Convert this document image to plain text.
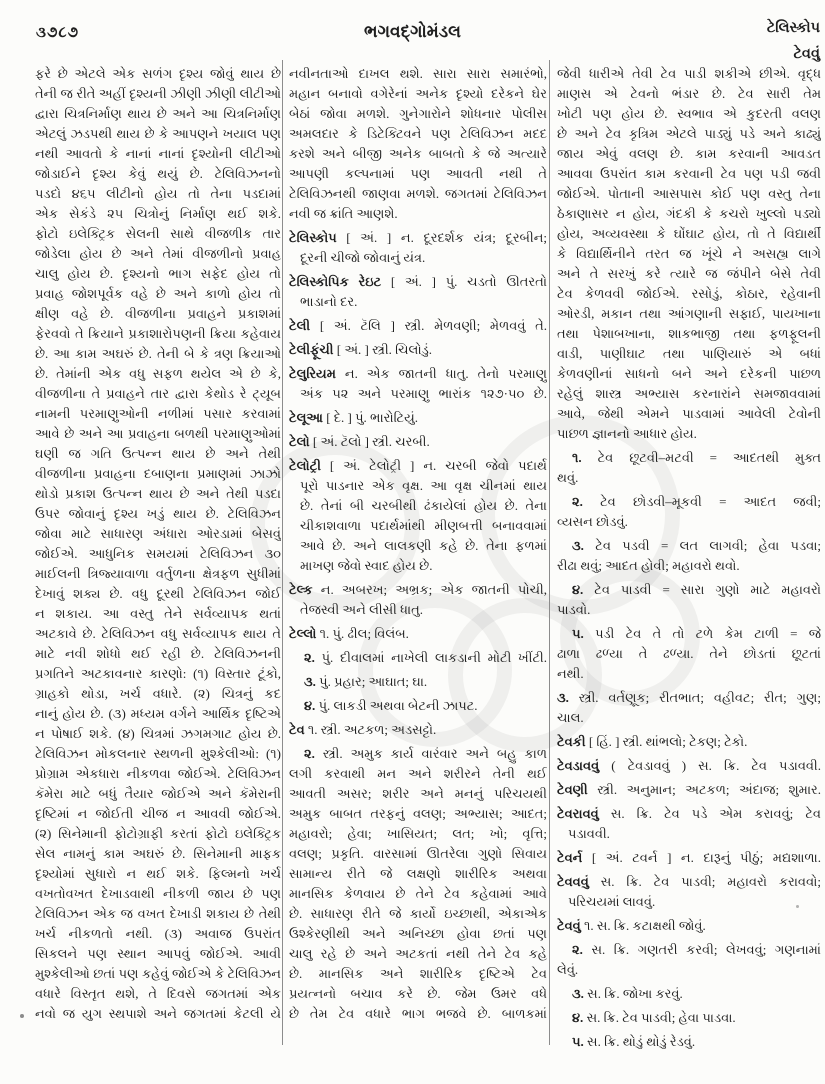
૩૭૮૭	ભગવદ્ગોમંડલ	ટેલિસ્કોપ
ટેવવું
ફરે છે એટલે એક સળંગ દૃશ્ય જોવું થાય છે
તેની જ રીતે અહીં દૃશ્યની ઝીણી ઝીણી લીટીઓ
દ્વારા ચિત્રનિર્માણ થાય છે અને આ ચિત્રનિર્માણ
એટલું ઝડપથી થાય છે કે આપણને ખયાલ પણ
નથી આવતો કે નાનાં નાનાં દૃશ્યોની લીટીઓ
જોડાઈને દૃશ્ય કેવું થયું છે. ટેલિવિઝનનો
પડદો ૪૬૫ લીટીનો હોય તો તેના પડદામાં
એક સેકંડે ૨૫ ચિત્રોનું નિર્માણ થઈ શકે.
ફોટો ઇલેક્ટ્રિક સેલની સાથે વીજળીક તાર
જોડેલા હોય છે અને તેમાં વીજળીનો પ્રવાહ
ચાલુ હોય છે. દૃશ્યનો ભાગ સફેદ હોય તો
પ્રવાહ જોશપૂર્વક વહે છે અને કાળો હોય તો
ક્ષીણ વહે છે. વીજળીના પ્રવાહને પ્રકાશમાં
ફેરવવો તે ક્રિયાને પ્રકાશારોપણની ક્રિયા કહેવાય
છે. આ કામ અઘરું છે. તેની બે કે ત્રણ ક્રિયાઓ
છે. તેમાંની એક વધુ સફળ થયેલ એ છે કે,
વીજળીના તે પ્રવાહને તાર દ્વારા કેથોડ રે ટ્યૂબ
નામની પરમાણુઓની નળીમાં પસાર કરવામાં
આવે છે અને આ પ્રવાહના બળથી પરમાણુઓમાં
ઘણી જ ગતિ ઉત્પન્ન થાય છે અને તેથી
વીજળીના પ્રવાહના દબાણના પ્રમાણમાં ઝાઝો
થોડો પ્રકાશ ઉત્પન્ન થાય છે અને તેથી પડદા
ઉપર જોવાનું દૃશ્ય ખડું થાય છે. ટેલિવિઝન
જોવા માટે સાધારણ અંધારા ઓરડામાં બેસવું
જોઈએ. આધુનિક સમયમાં ટેલિવિઝન ૩૦
માઈલની ત્રિજ્યાવાળા વર્તુળના ક્ષેત્રફળ સુધીમાં
દેખાવું શક્ય છે. વધુ દૂરથી ટેલિવિઝન જોઈ
ન શકાય. આ વસ્તુ તેને સર્વવ્યાપક થતાં
અટકાવે છે. ટેલિવિઝન વધુ સર્વવ્યાપક થાય તે
માટે નવી શોધો થઈ રહી છે. ટેલિવિઝનની
પ્રગતિને અટકાવનાર કારણો: (૧) વિસ્તાર ટૂંકો,
ગ્રાહકો થોડા, ખર્ચ વધારે. (૨) ચિત્રનું કદ
નાનું હોય છે. (૩) મધ્યમ વર્ગને આર્થિક દૃષ્ટિએ
ન પોષાઈ શકે. (૪) ચિત્રમાં ઝગમગાટ હોય છે.
ટેલિવિઝન મોકલનાર સ્થળની મુશ્કેલીઓ: (૧)
પ્રોગ્રામ એકધારા નીકળવા જોઈએ. ટેલિવિઝન
કૅમેરા માટે બધું તૈયાર જોઈએ અને કૅમેરાની
દૃષ્ટિમાં ન જોઈતી ચીજ ન આવવી જોઈએ.
(૨) સિનેમાની ફોટોગ્રાફી કરતાં ફોટો ઇલેક્ટ્રિક
સેલ નામનું કામ અઘરું છે. સિનેમાની માફક
દૃશ્યોમાં સુધારો ન થઈ શકે. ફિલ્મનો ખર્ચ
વખતોવખત દેખાડવાથી નીકળી જાય છે પણ
ટેલિવિઝન એક જ વખત દેખાડી શકાય છે તેથી
ખર્ચ નીકળતો નથી. (૩) અવાજ ઉપરાંત
સિકલને પણ સ્થાન આપવું જોઈએ. આવી
મુશ્કેલીઓ છતાં પણ કહેવું જોઈએ કે ટેલિવિઝન
વધારે વિસ્તૃત થશે, તે દિવસે જગતમાં એક
નવો જ યુગ સ્થપાશે અને જગતમાં કેટલી યે
નવીનતાઓ દાખલ થશે. સારા સારા સમારંભો,
મહાન બનાવો વગેરેનાં અનેક દૃશ્યો દરેકને ઘેર
બેઠાં જોવા મળશે. ગુનેગારોને શોધનાર પોલીસ
અમલદાર કે ડિટેક્ટિવને પણ ટેલિવિઝન મદદ
કરશે અને બીજી અનેક બાબતો કે જે અત્યારે
આપણી કલ્પનામાં પણ આવતી નથી તે
ટેલિવિઝનથી જાણવા મળશે. જગતમાં ટેલિવિઝન
નવી જ ક્રાંતિ આણશે.
ટેલિસ્કોપ [ અં. ] ન. દૂરદર્શક યંત્ર; દૂરબીન;
દૂરની ચીજો જોવાનું યંત્ર.
ટેલિસ્કોપિક રેઇટ [ અં. ] પું. ચડતો ઊતરતો
ભાડાનો દર.
ટેલી [ અં. ટૅલિ ] સ્ત્રી. મેળવણી; મેળવવું તે.
ટેલીફૂંચી [ અં. ] સ્ત્રી. ચિલોડું.
ટેલુરિયમ ન. એક જાતની ધાતુ. તેનો પરમાણુ
અંક ૫૨ અને પરમાણુ ભારાંક ૧૨૭·૫૦ છે.
ટેલૂઆ [ દે. ] પું. ભારોટિયું.
ટેલો [ અં. ટૅલો ] સ્ત્રી. ચરબી.
ટેલોટ્રી [ અં. ટેલોટ્રી ] ન. ચરબી જેવો પદાર્થ
પૂરો પાડનાર એક વૃક્ષ. આ વૃક્ષ ચીનમાં થાય
છે. તેનાં બી ચરબીથી ઢંકાયેલાં હોય છે. તેના
ચીકાશવાળા પદાર્થમાંથી મીણબત્તી બનાવવામાં
આવે છે. અને લાલકણી કહે છે. તેના ફળમાં
માખણ જેવો સ્વાદ હોય છે.
ટેલ્ક ન. અબરખ; અભ્રક; એક જાતની પોચી,
તેજસ્વી અને લીસી ધાતુ.
ટેલ્લો ૧. પું. ઢીલ; વિલંબ.
૨. પું. દીવાલમાં નાખેલી લાકડાની મોટી ખીંટી.
૩. પું. પ્રહાર; આઘાત; ઘા.
૪. પું. લાકડી અથવા બેટની ઝાપટ.
ટેવ ૧. સ્ત્રી. અટકળ; અડસટ્ટો.
૨. સ્ત્રી. અમુક કાર્ય વારંવાર અને બહુ કાળ
લગી કરવાથી મન અને શરીરને તેની થઈ
આવતી અસર; શરીર અને મનનું પરિચયથી
અમુક બાબત તરફનું વલણ; અભ્યાસ; આદત;
મહાવરો; હેવા; ખાસિયત; લત; ખો; વૃત્તિ;
વલણ; પ્રકૃતિ. વારસામાં ઊતરેલા ગુણો સિવાય
સામાન્ય રીતે જે લક્ષણો શારીરિક અથવા
માનસિક કેળવાય છે તેને ટેવ કહેવામાં આવે
છે. સાધારણ રીતે જે કાર્યો ઇચ્છાથી, એકાએક
ઉશ્કેરણીથી અને અનિચ્છા હોવા છતાં પણ
ચાલુ રહે છે અને અટકતાં નથી તેને ટેવ કહે
છે. માનસિક અને શારીરિક દૃષ્ટિએ ટેવ
પ્રયત્નનો બચાવ કરે છે. જેમ ઉમર વધે
છે તેમ ટેવ વધારે ભાગ ભજવે છે. બાળકમાં
જેવી ધારીએ તેવી ટેવ પાડી શકીએ છીએ. વૃદ્ધ
માણસ એ ટેવનો ભંડાર છે. ટેવ સારી તેમ
ખોટી પણ હોય છે. સ્વભાવ એ કુદરતી વલણ
છે અને ટેવ કૃત્રિમ એટલે પાડ્યું પડે અને કાઢ્યું
જાય એવું વલણ છે. કામ કરવાની આવડત
આવવા ઉપરાંત કામ કરવાની ટેવ પણ પડી જવી
જોઈએ. પોતાની આસપાસ કોઈ પણ વસ્તુ તેના
ઠેકાણાસર ન હોય, ગંદકી કે કચરો ખુલ્લો પડ્યો
હોય, અવ્યવસ્થા કે ઘોંઘાટ હોય, તો તે વિદ્યાર્થી
કે વિદ્યાર્થિનીને તરત જ ખૂંચે ને અસહ્ય લાગે
અને તે સરખું કરે ત્યારે જ જંપીને બેસે તેવી
ટેવ કેળવવી જોઈએ. રસોડું, કોઠાર, રહેવાની
ઓરડી, મકાન તથા આંગણાની સફાઈ, પાયખાના
તથા પેશાબખાના, શાકભાજી તથા ફળફૂલની
વાડી, પાણીઘાટ તથા પાણિયારું એ બધાં
કેળવણીનાં સાધનો બને અને દરેકની પાછળ
રહેલું શાસ્ત્ર અભ્યાસ કરનારાંને સમજાવવામાં
આવે, જેથી એમને પાડવામાં આવેલી ટેવોની
પાછળ જ્ઞાનનો આધાર હોય.
૧. ટેવ છૂટવી–મટવી = આદતથી મુક્ત
થવું.
૨. ટેવ છોડવી–મૂકવી = આદત જવી;
વ્યસન છોડવું.
૩. ટેવ પડવી = લત લાગવી; હેવા પડવા;
રીઢા થવું; આદત હોવી; મહાવરો થવો.
૪. ટેવ પાડવી = સારા ગુણો માટે મહાવરો
પાડવો.
૫. પડી ટેવ તે તો ટળે કેમ ટાળી = જે
ઢાળા ઢળ્યા તે ઢળ્યા. તેને છોડતાં છૂટતાં
નથી.
૩. સ્ત્રી. વર્તણૂક; રીતભાત; વહીવટ; રીત; ગુણ;
ચાલ.
ટેવકી [ હિં. ] સ્ત્રી. થાંભલો; ટેકણ; ટેકો.
ટેવડાવવું ( ટેવડાવવું ) સ. ક્રિ. ટેવ પડાવવી.
ટેવણી સ્ત્રી. અનુમાન; અટકળ; અંદાજ; શુમાર.
ટેવરાવવું સ. ક્રિ. ટેવ પડે એમ કરાવવું; ટેવ
પડાવવી.
ટેવર્ન [ અં. ટવર્ન ] ન. દારૂનું પીઠું; મદ્યશાળા.
ટેવવવું સ. ક્રિ. ટેવ પાડવી; મહાવરો કરાવવો;
પરિચયમાં લાવવું.
ટેવવું ૧. સ. ક્રિ. કટાક્ષથી જોવું.
૨. સ. ક્રિ. ગણતરી કરવી; લેખવવું; ગણનામાં
લેવું.
૩. સ. ક્રિ. જોખા કરવું.
૪. સ. ક્રિ. ટેવ પાડવી; હેવા પાડવા.
૫. સ. ક્રિ. થોડું થોડું રેડવું.
